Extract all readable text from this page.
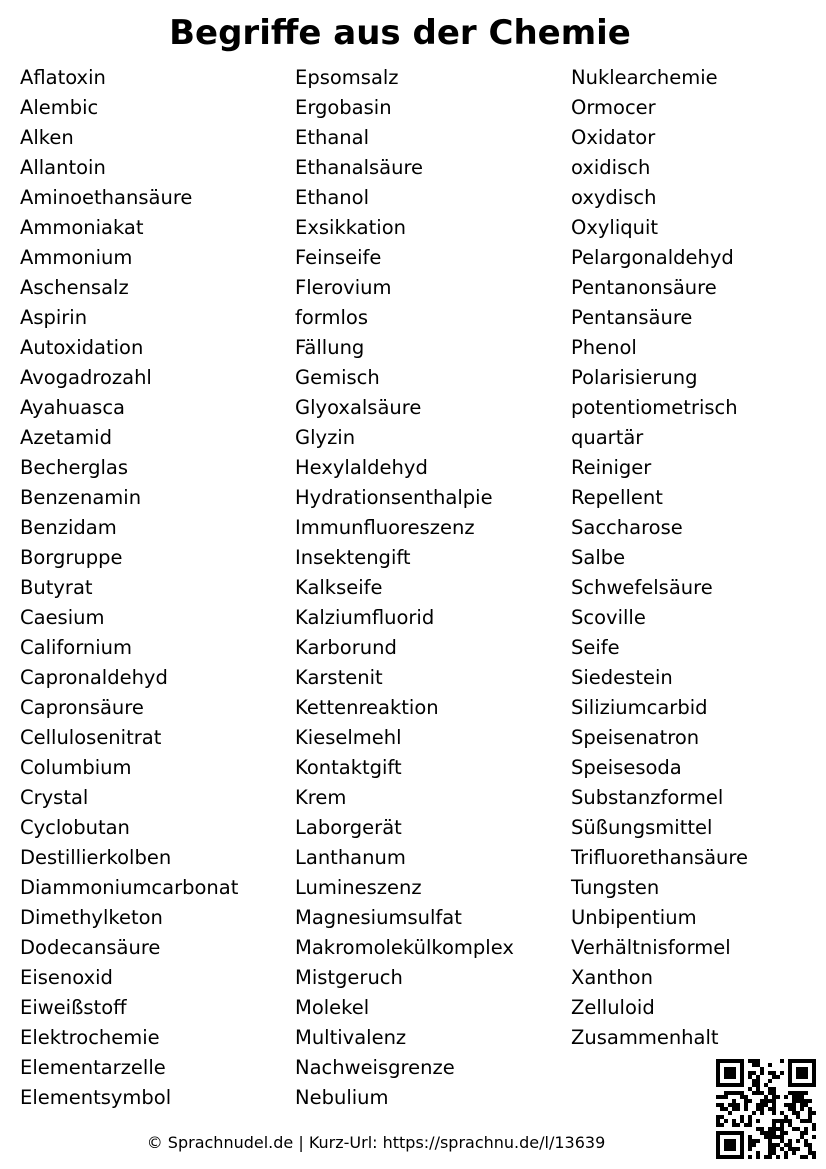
Begriffe aus der Chemie
Aflatoxin
Alembic
Alken
Allantoin
Aminoethansäure
Ammoniakat
Ammonium
Aschensalz
Aspirin
Autoxidation
Avogadrozahl
Ayahuasca
Azetamid
Becherglas
Benzenamin
Benzidam
Borgruppe
Butyrat
Caesium
Californium
Capronaldehyd
Capronsäure
Cellulosenitrat
Columbium
Crystal
Cyclobutan
Destillierkolben
Diammoniumcarbonat
Dimethylketon
Dodecansäure
Eisenoxid
Eiweißstoff
Elektrochemie
Elementarzelle
Elementsymbol
Epsomsalz
Ergobasin
Ethanal
Ethanalsäure
Ethanol
Exsikkation
Feinseife
Flerovium
formlos
Fällung
Gemisch
Glyoxalsäure
Glyzin
Hexylaldehyd
Hydrationsenthalpie
Immunfluoreszenz
Insektengift
Kalkseife
Kalziumfluorid
Karborund
Karstenit
Kettenreaktion
Kieselmehl
Kontaktgift
Krem
Laborgerät
Lanthanum
Lumineszenz
Magnesiumsulfat
Makromolekülkomplex
Mistgeruch
Molekel
Multivalenz
Nachweisgrenze
Nebulium
Nuklearchemie
Ormocer
Oxidator
oxidisch
oxydisch
Oxyliquit
Pelargonaldehyd
Pentanonsäure
Pentansäure
Phenol
Polarisierung
potentiometrisch
quartär
Reiniger
Repellent
Saccharose
Salbe
Schwefelsäure
Scoville
Seife
Siedestein
Siliziumcarbid
Speisenatron
Speisesoda
Substanzformel
Süßungsmittel
Trifluorethansäure
Tungsten
Unbipentium
Verhältnisformel
Xanthon
Zelluloid
Zusammenhalt
© Sprachnudel.de | Kurz-Url: https://sprachnu.de/l/13639
